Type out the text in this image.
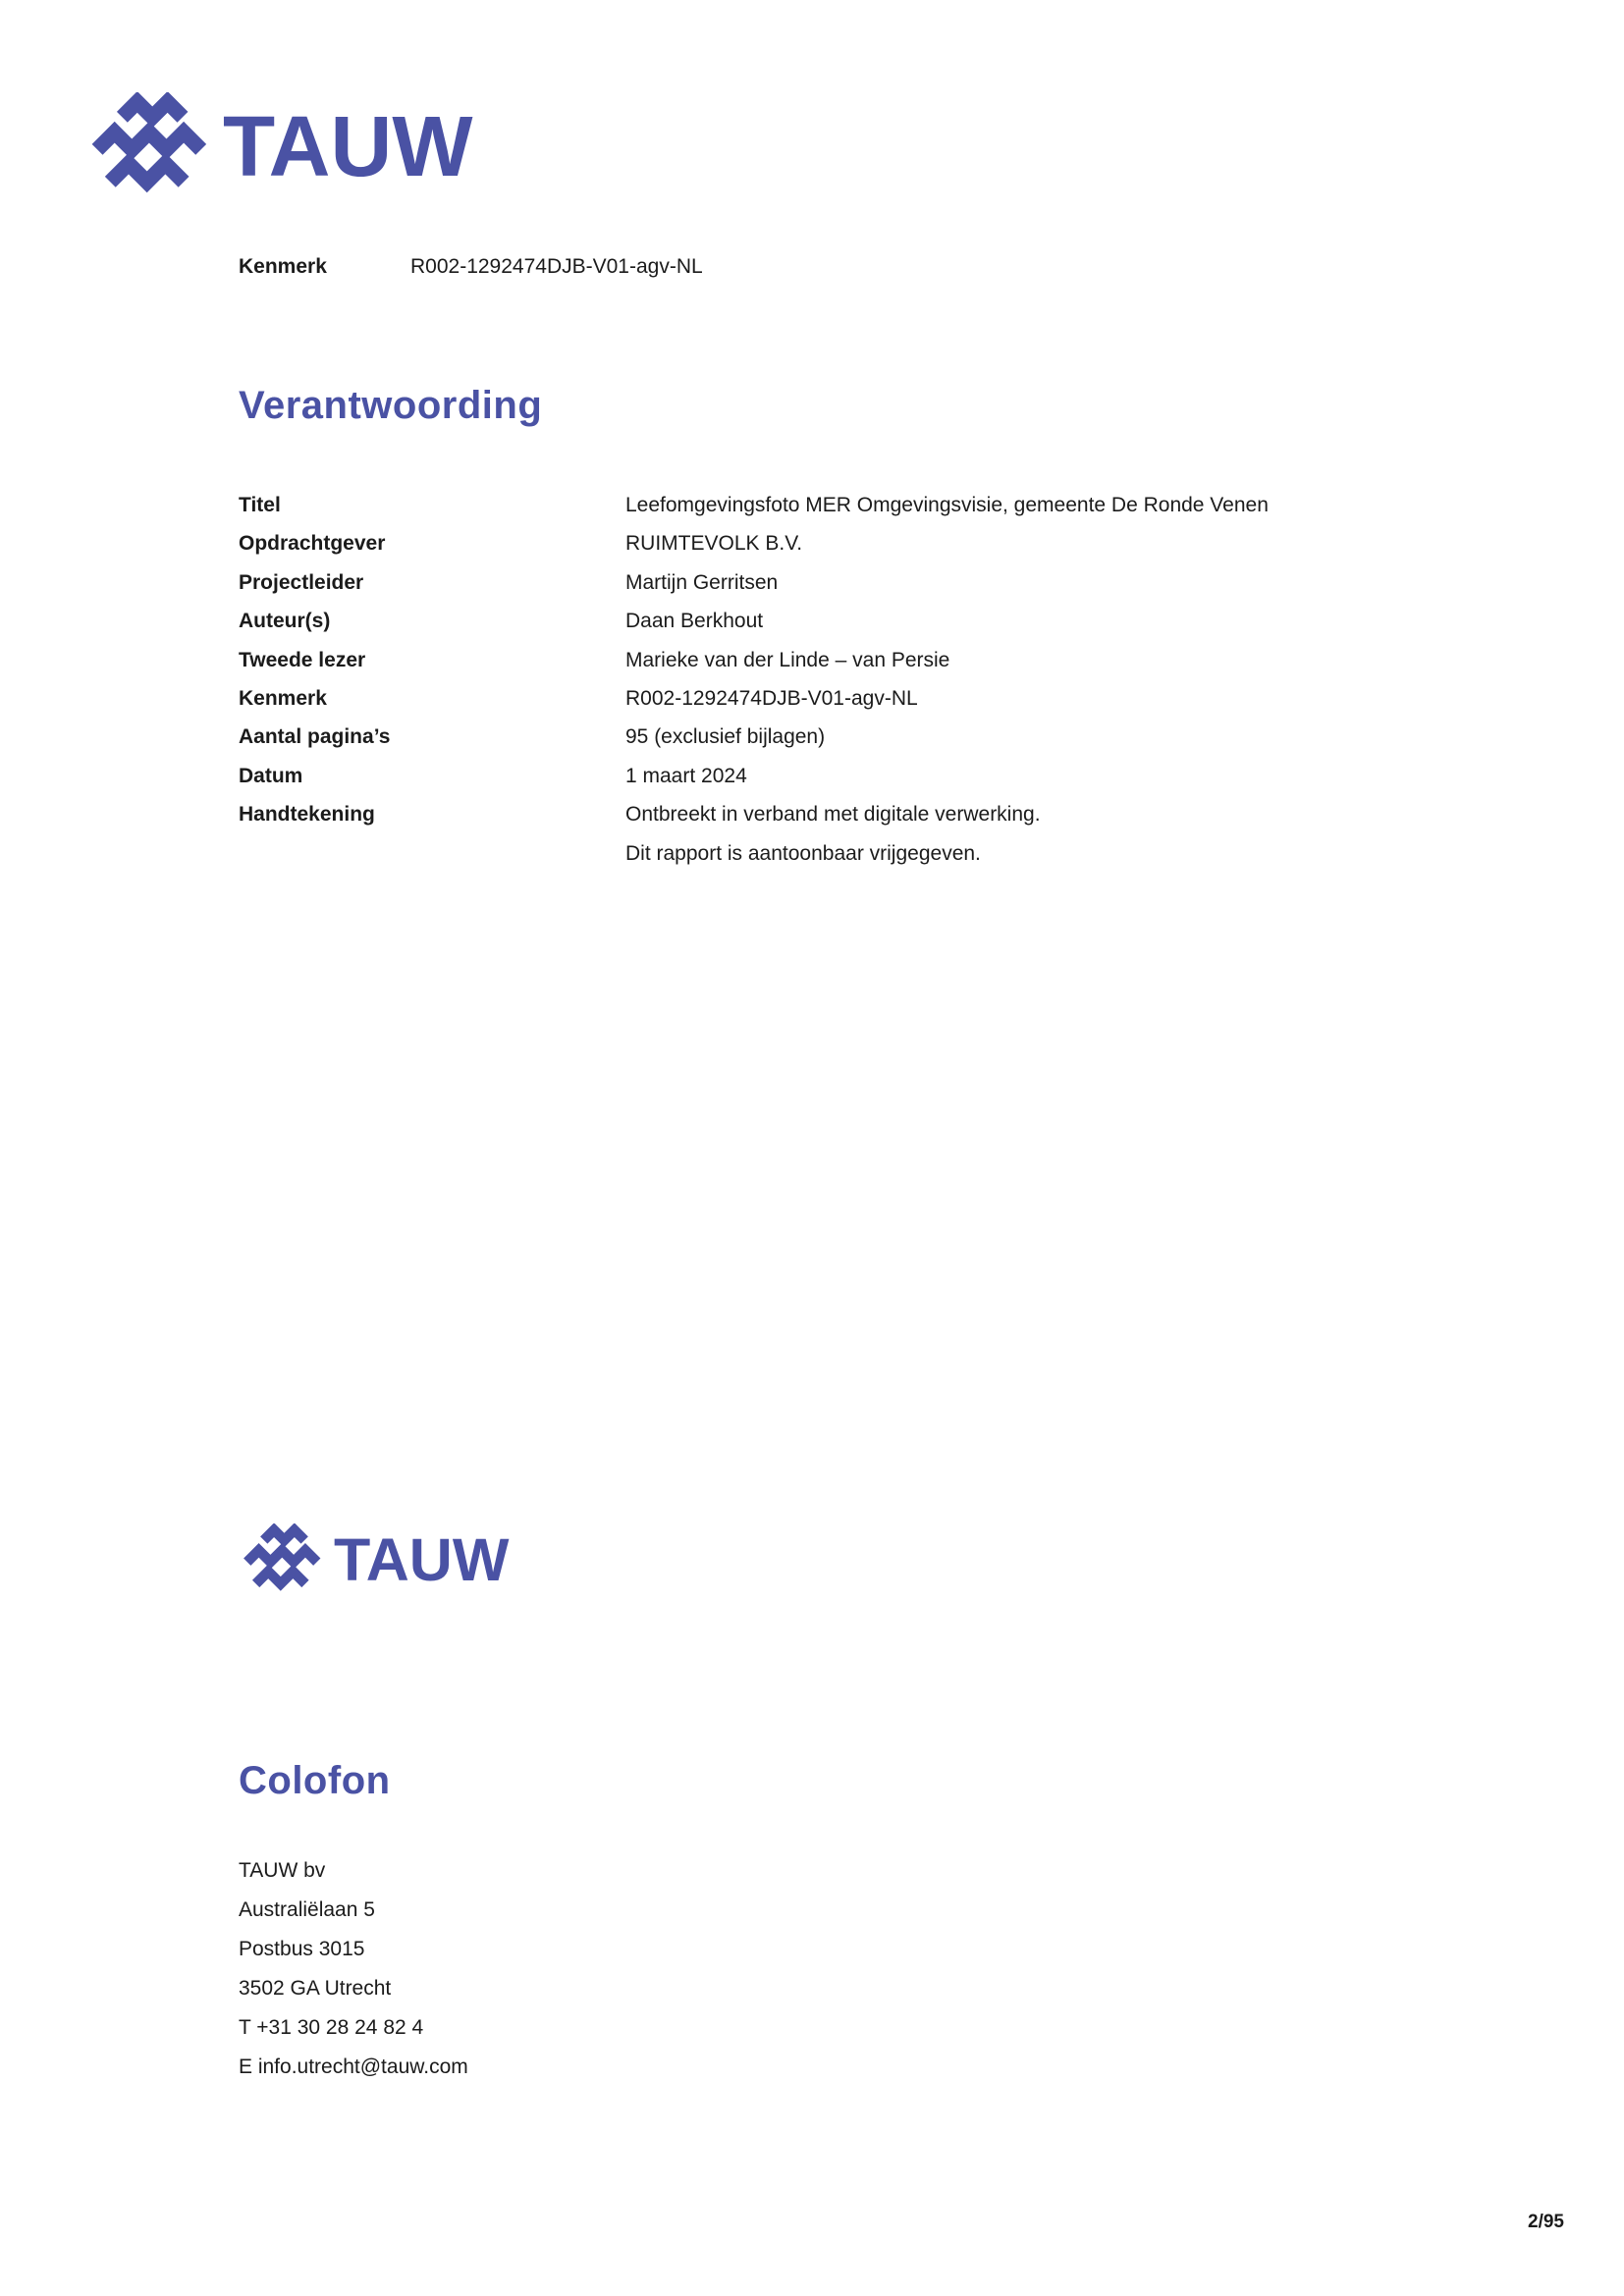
TAUW
Kenmerk	R002-1292474DJB-V01-agv-NL
Verantwoording
Titel	Leefomgevingsfoto MER Omgevingsvisie, gemeente De Ronde Venen
Opdrachtgever	RUIMTEVOLK B.V.
Projectleider	Martijn Gerritsen
Auteur(s)	Daan Berkhout
Tweede lezer	Marieke van der Linde – van Persie
Kenmerk	R002-1292474DJB-V01-agv-NL
Aantal pagina’s	95 (exclusief bijlagen)
Datum	1 maart 2024
Handtekening	Ontbreekt in verband met digitale verwerking.
Dit rapport is aantoonbaar vrijgegeven.
TAUW
Colofon
TAUW bv
Australiëlaan 5
Postbus 3015
3502 GA Utrecht
T +31 30 28 24 82 4
E info.utrecht@tauw.com
2/95
